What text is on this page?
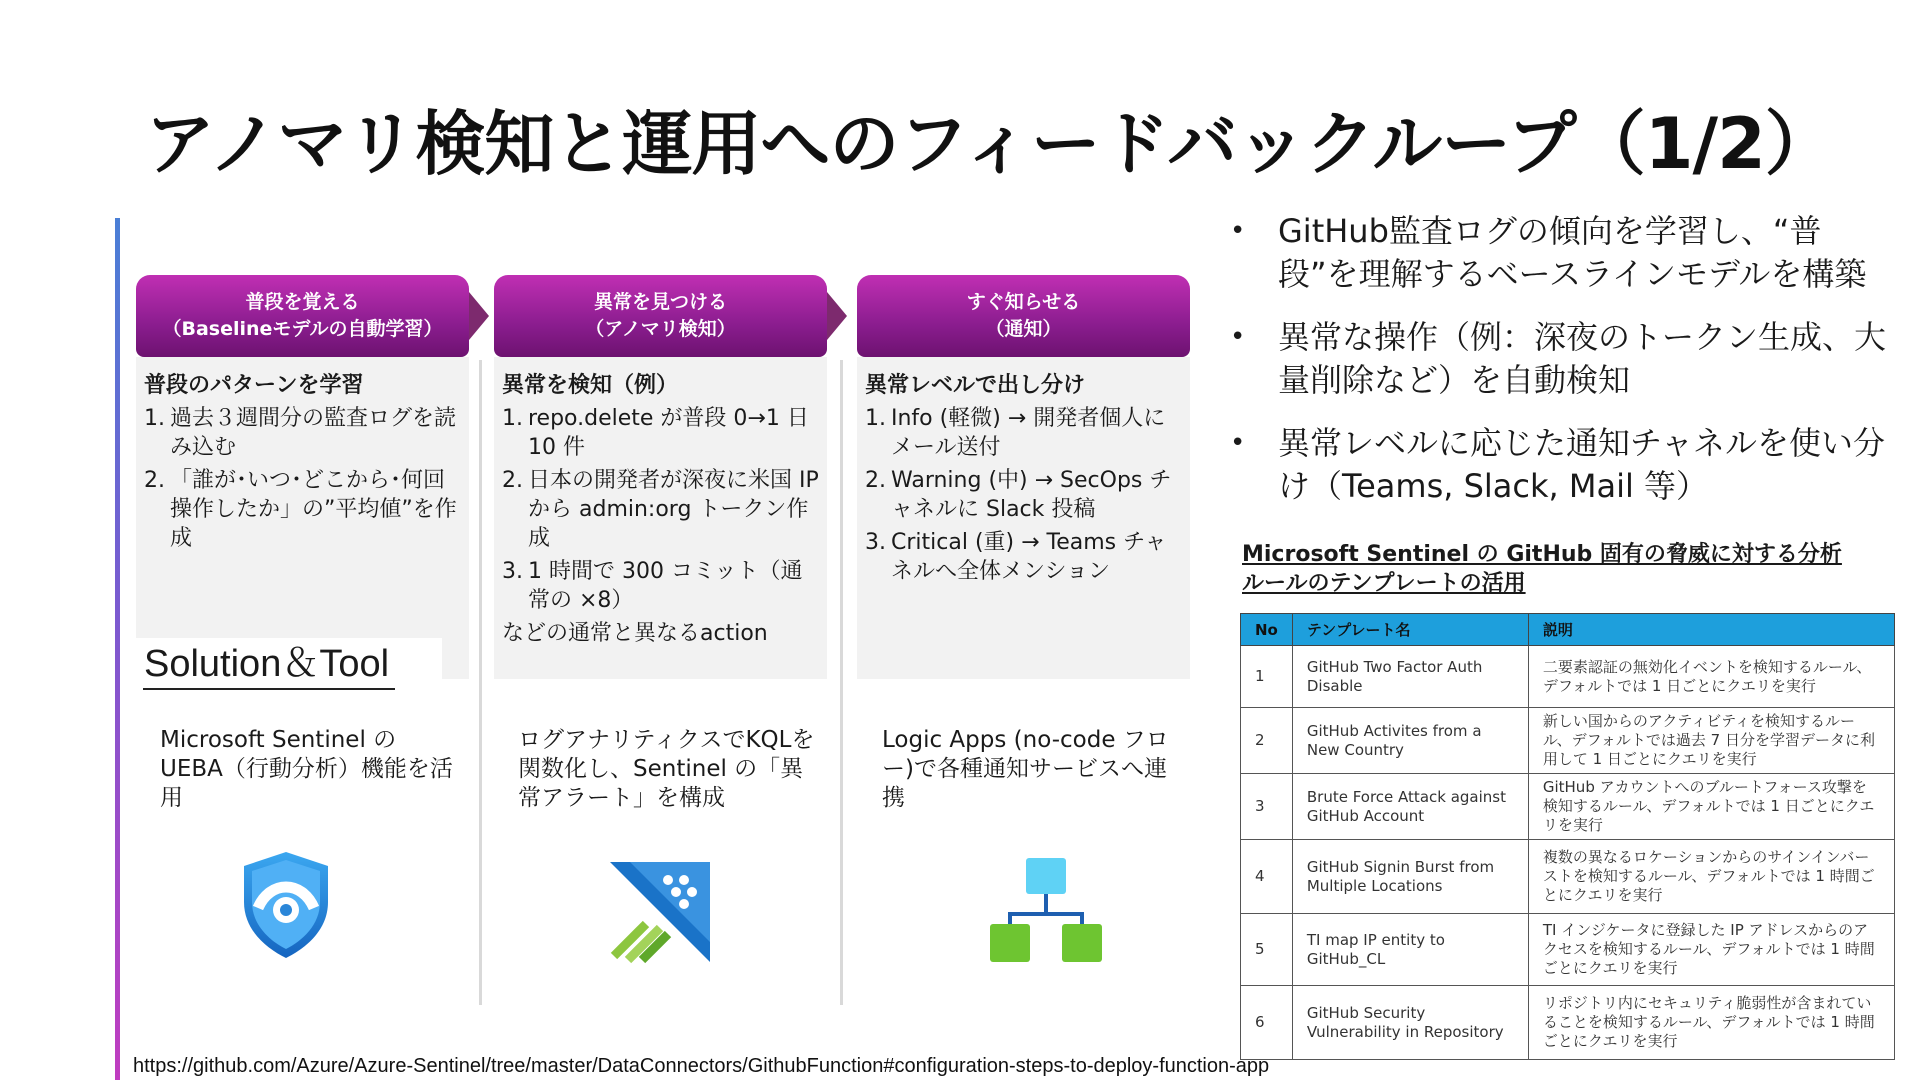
アノマリ検知と運用へのフィードバックループ（1/2）
普段を覚える
（Baselineモデルの自動学習）
普段のパターンを学習
1. 過去３週間分の監査ログを読み込む
2. 「誰が･いつ･どこから･何回操作したか」の”平均値”を作成
異常を見つける
（アノマリ検知）
異常を検知（例）
1. repo.delete が普段 0→1 日 10 件
2. 日本の開発者が深夜に米国 IP から admin:org トークン作成
3. 1 時間で 300 コミット（通常の ×8）
などの通常と異なるaction
すぐ知らせる
（通知）
異常レベルで出し分け
1. Info (軽微) → 開発者個人にメール送付
2. Warning (中) → SecOps チャネルに Slack 投稿
3. Critical (重) → Teams チャネルへ全体メンション
Solution＆Tool
Microsoft Sentinel の UEBA（行動分析）機能を活用
ログアナリティクスでKQLを関数化し、Sentinel の「異常アラート」を構成
Logic Apps (no-code フロー)で各種通知サービスへ連携
•	GitHub監査ログの傾向を学習し、“普段”を理解するベースラインモデルを構築
•	異常な操作（例：深夜のトークン生成、大量削除など）を自動検知
•	異常レベルに応じた通知チャネルを使い分け（Teams, Slack, Mail 等）
Microsoft Sentinel の GitHub 固有の脅威に対する分析ルールのテンプレートの活用
No	テンプレート名	説明
1	GitHub Two Factor Auth Disable	二要素認証の無効化イベントを検知するルール、デフォルトでは 1 日ごとにクエリを実行
2	GitHub Activites from a New Country	新しい国からのアクティビティを検知するルール、デフォルトでは過去 7 日分を学習データに利用して 1 日ごとにクエリを実行
3	Brute Force Attack against GitHub Account	GitHub アカウントへのブルートフォース攻撃を検知するルール、デフォルトでは 1 日ごとにクエリを実行
4	GitHub Signin Burst from Multiple Locations	複数の異なるロケーションからのサインインバーストを検知するルール、デフォルトでは 1 時間ごとにクエリを実行
5	TI map IP entity to GitHub_CL	TI インジケータに登録した IP アドレスからのアクセスを検知するルール、デフォルトでは 1 時間ごとにクエリを実行
6	GitHub Security Vulnerability in Repository	リポジトリ内にセキュリティ脆弱性が含まれていることを検知するルール、デフォルトでは 1 時間ごとにクエリを実行
https://github.com/Azure/Azure-Sentinel/tree/master/DataConnectors/GithubFunction#configuration-steps-to-deploy-function-app
